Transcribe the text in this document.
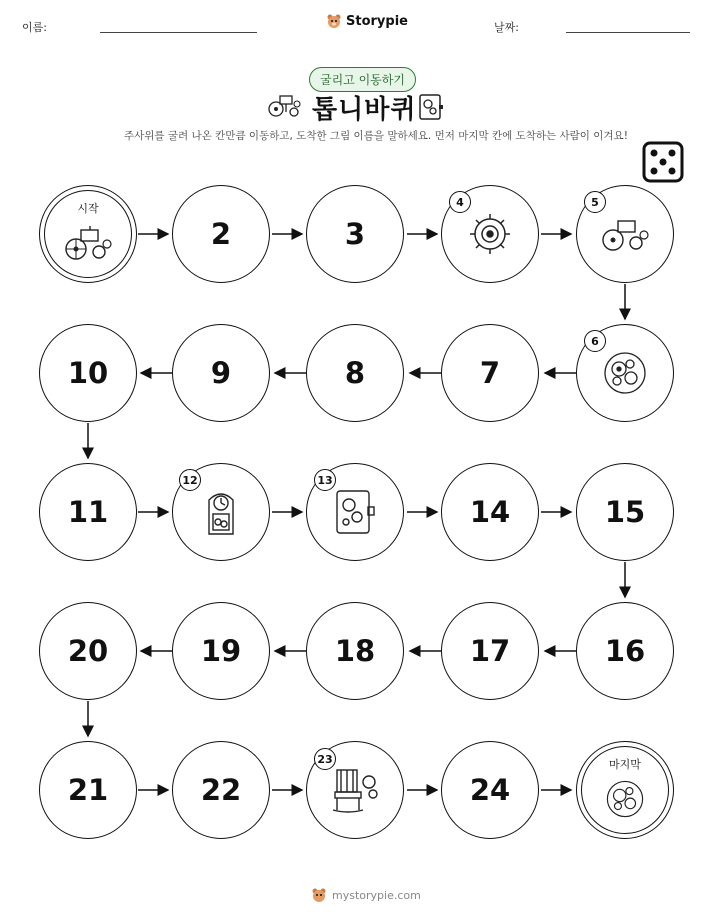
이름:	Storypie	날짜:
굴리고 이동하기
톱니바퀴
주사위를 굴려 나온 칸만큼 이동하고, 도착한 그림 이름을 말하세요. 먼저 마지막 칸에 도착하는 사람이 이겨요!
시작
2	3
4	5
10	9	8	7
6
11
12	13
14	15
20	19	18	17	16
21	22
23
24
마지막
mystorypie.com
